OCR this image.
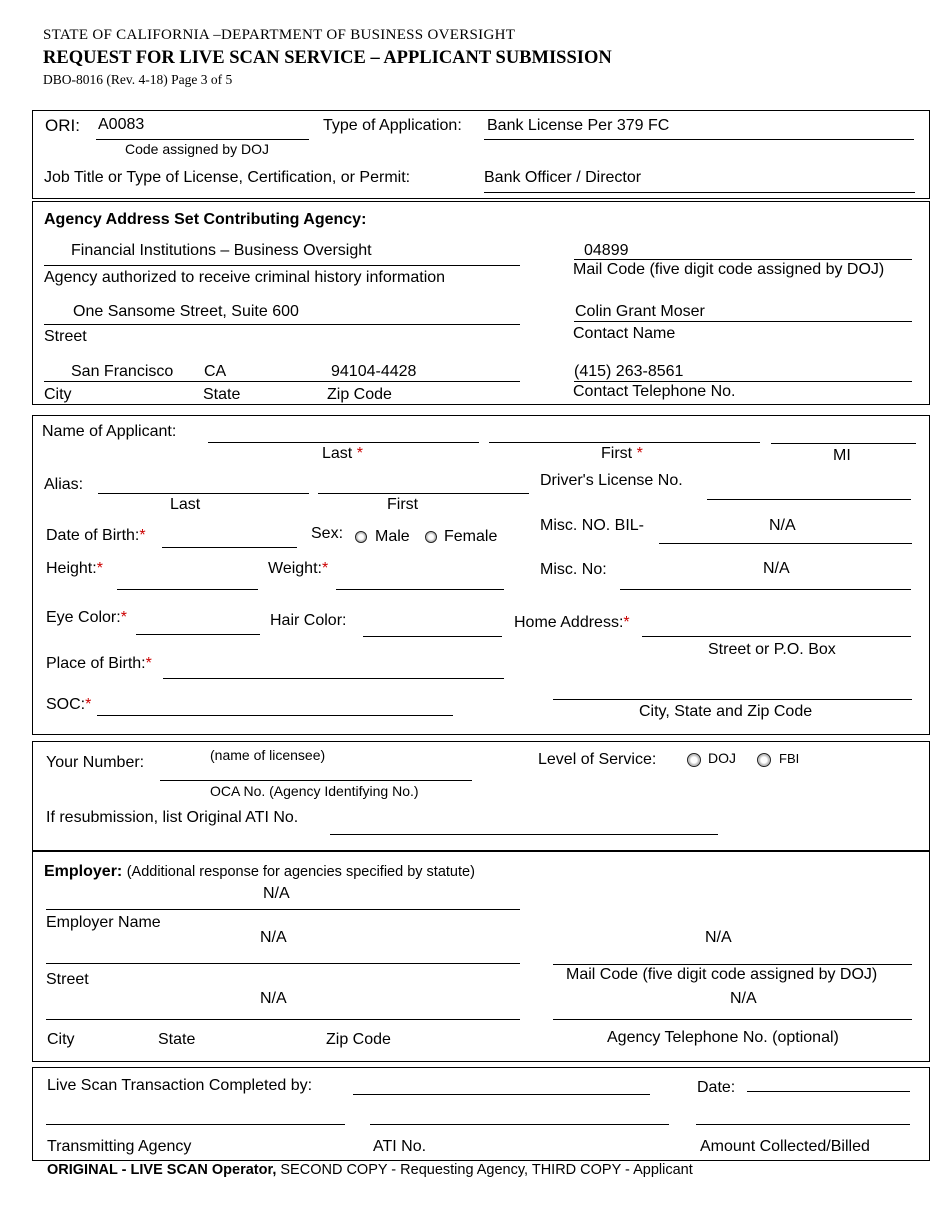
STATE OF CALIFORNIA –DEPARTMENT OF BUSINESS OVERSIGHT
REQUEST FOR LIVE SCAN SERVICE – APPLICANT SUBMISSION
DBO-8016 (Rev. 4-18) Page 3 of 5
ORI: A0083
Code assigned by DOJ
Type of Application: Bank License Per 379 FC
Job Title or Type of License, Certification, or Permit:	Bank Officer / Director
Agency Address Set Contributing Agency:
Financial Institutions – Business Oversight
Agency authorized to receive criminal history information
One Sansome Street, Suite 600
Street
San Francisco CA	94104-4428
City	State	Zip Code
04899
Mail Code (five digit code assigned by DOJ)
Colin Grant Moser
Contact Name
(415) 263-8561
Contact Telephone No.
Name of Applicant:
Last *	First *	MI
Alias:
Last	First
Driver's License No.
Date of Birth:*	Sex: Male Female
Misc. NO. BIL-	N/A
Height:*	Weight:*	Misc. No:	N/A
Eye Color:*	Hair Color:	Home Address:*
Street or P.O. Box
Place of Birth:*
SOC:*	City, State and Zip Code
Your Number:	(name of licensee)
OCA No. (Agency Identifying No.)
Level of Service:	DOJ	FBI
If resubmission, list Original ATI No.
Employer: (Additional response for agencies specified by statute)
N/A
Employer Name
N/A
Street
N/A
City	State	Zip Code
N/A
Mail Code (five digit code assigned by DOJ)
N/A
Agency Telephone No. (optional)
Live Scan Transaction Completed by:	Date:
Transmitting Agency	ATI No.	Amount Collected/Billed
ORIGINAL - LIVE SCAN Operator, SECOND COPY - Requesting Agency, THIRD COPY - Applicant
